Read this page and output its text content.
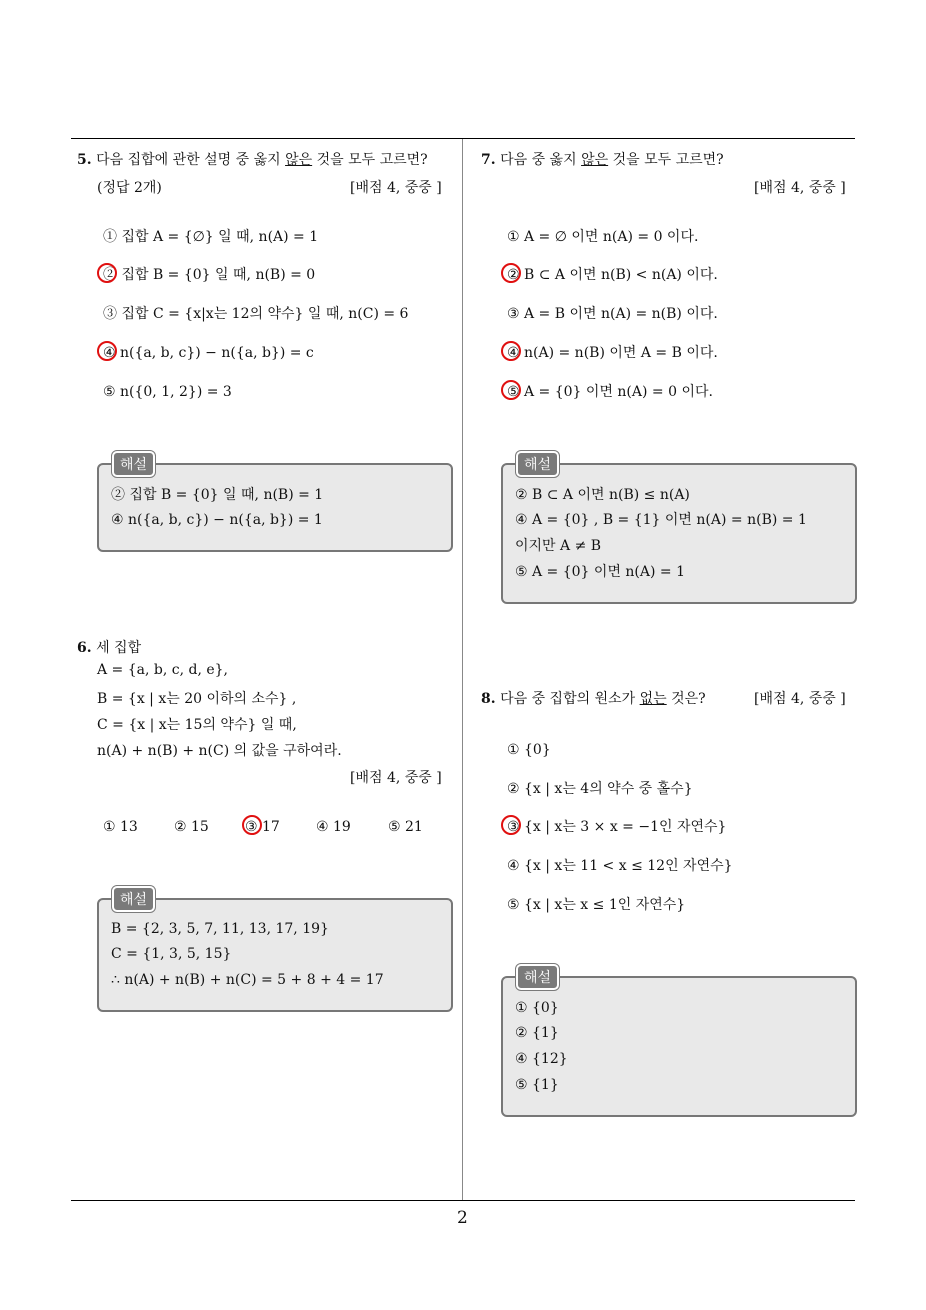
2
5. 다음 집합에 관한 설명 중 옳지 않은 것을 모두 고르면?
(정답 2개)	[배점 4, 중중 ]
① 집합 A = {∅} 일 때, n(A) = 1
② 집합 B = {0} 일 때, n(B) = 0
③ 집합 C = {x|x는 12의 약수} 일 때, n(C) = 6
④ n({a, b, c}) − n({a, b}) = c
⑤ n({0, 1, 2}) = 3
해설
② 집합 B = {0} 일 때, n(B) = 1
④ n({a, b, c}) − n({a, b}) = 1
6. 세 집합
A = {a, b, c, d, e},
B = {x | x는 20 이하의 소수} ,
C = {x | x는 15의 약수} 일 때,
n(A) + n(B) + n(C) 의 값을 구하여라.
[배점 4, 중중 ]
① 13	② 15	③ 17	④ 19	⑤ 21
해설
B = {2, 3, 5, 7, 11, 13, 17, 19}
C = {1, 3, 5, 15}
∴ n(A) + n(B) + n(C) = 5 + 8 + 4 = 17
7. 다음 중 옳지 않은 것을 모두 고르면?
[배점 4, 중중 ]
① A = ∅ 이면 n(A) = 0 이다.
② B ⊂ A 이면 n(B) < n(A) 이다.
③ A = B 이면 n(A) = n(B) 이다.
④ n(A) = n(B) 이면 A = B 이다.
⑤ A = {0} 이면 n(A) = 0 이다.
해설
② B ⊂ A 이면 n(B) ≤ n(A)
④ A = {0} , B = {1} 이면 n(A) = n(B) = 1
이지만 A ≠ B
⑤ A = {0} 이면 n(A) = 1
8. 다음 중 집합의 원소가 없는 것은?	[배점 4, 중중 ]
① {0}
② {x | x는 4의 약수 중 홀수}
③ {x | x는 3 × x = −1인 자연수}
④ {x | x는 11 < x ≤ 12인 자연수}
⑤ {x | x는 x ≤ 1인 자연수}
해설
① {0}
② {1}
④ {12}
⑤ {1}
